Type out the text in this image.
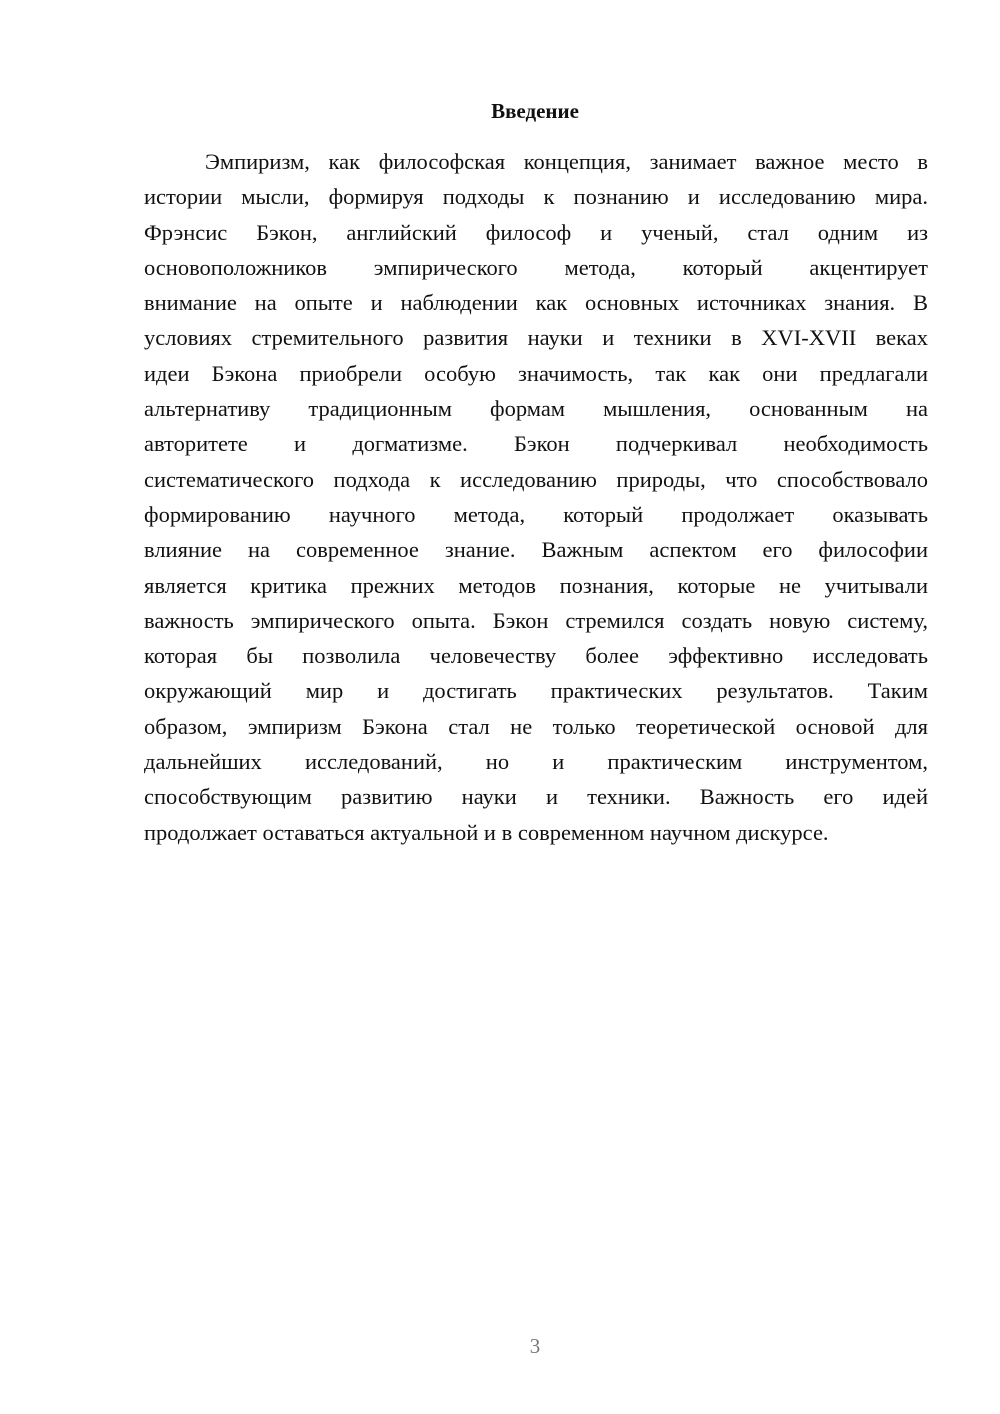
Введение
Эмпиризм, как философская концепция, занимает важное место в
истории мысли, формируя подходы к познанию и исследованию мира.
Фрэнсис Бэкон, английский философ и ученый, стал одним из
основоположников эмпирического метода, который акцентирует
внимание на опыте и наблюдении как основных источниках знания. В
условиях стремительного развития науки и техники в XVI-XVII веках
идеи Бэкона приобрели особую значимость, так как они предлагали
альтернативу традиционным формам мышления, основанным на
авторитете и догматизме. Бэкон подчеркивал необходимость
систематического подхода к исследованию природы, что способствовало
формированию научного метода, который продолжает оказывать
влияние на современное знание. Важным аспектом его философии
является критика прежних методов познания, которые не учитывали
важность эмпирического опыта. Бэкон стремился создать новую систему,
которая бы позволила человечеству более эффективно исследовать
окружающий мир и достигать практических результатов. Таким
образом, эмпиризм Бэкона стал не только теоретической основой для
дальнейших исследований, но и практическим инструментом,
способствующим развитию науки и техники. Важность его идей
продолжает оставаться актуальной и в современном научном дискурсе.
3
